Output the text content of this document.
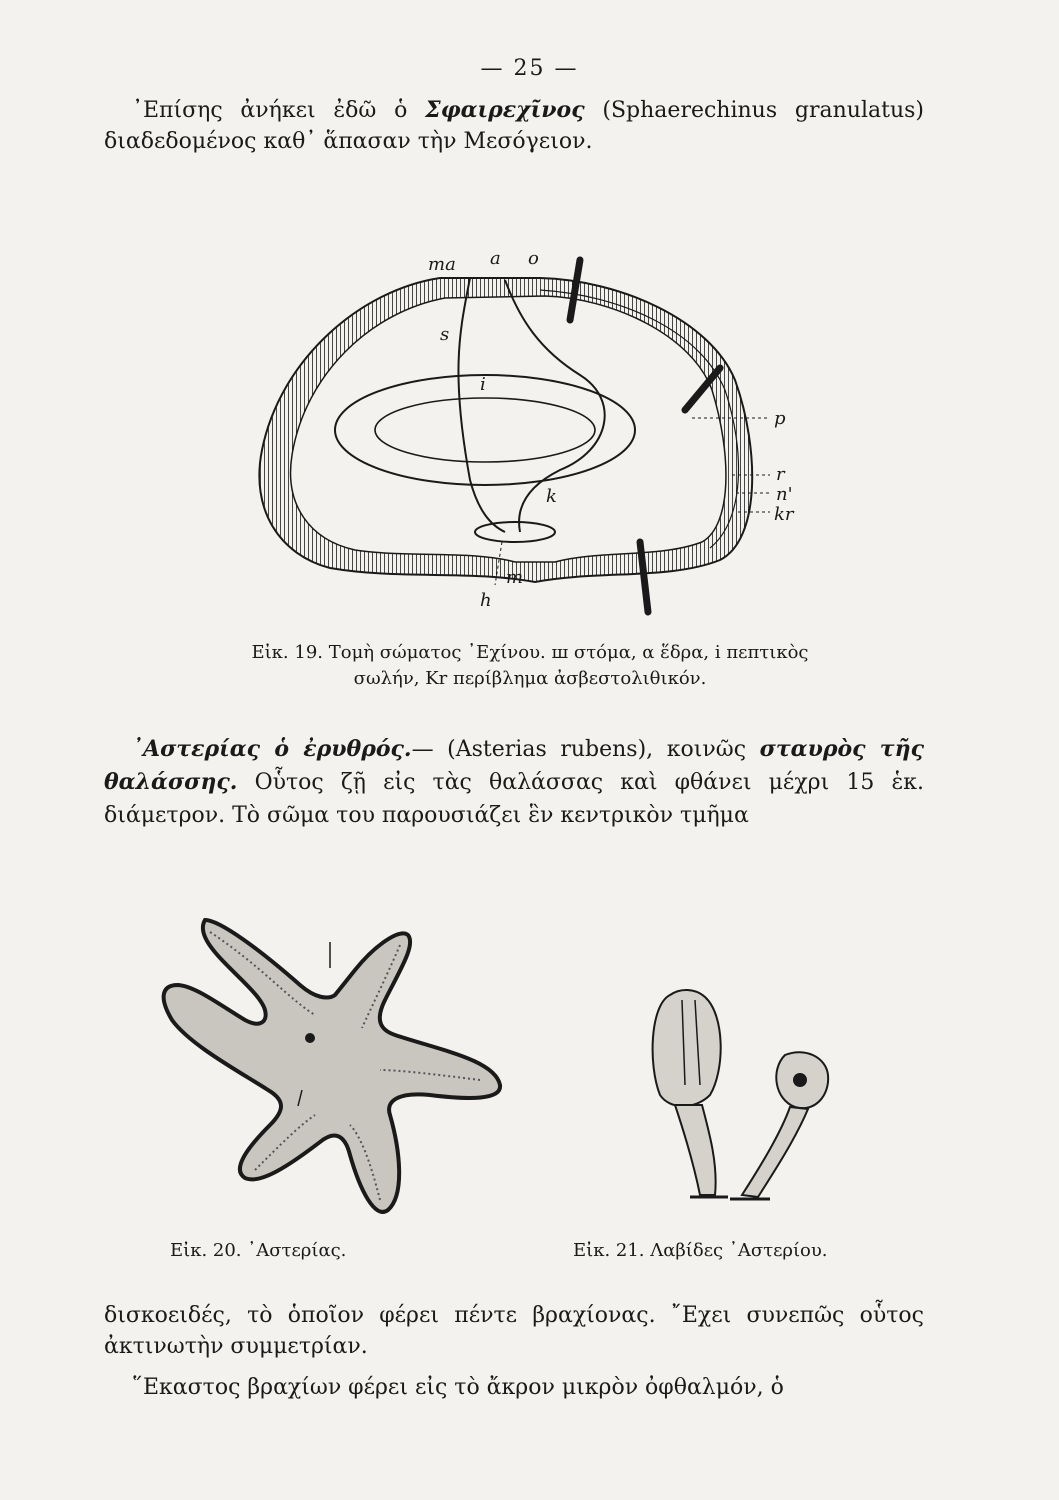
— 25 —
᾿Επίσης ἀνήκει ἐδῶ ὁ Σφαιρεχῖνος (Sphaerechinus granulatus) διαδεδομένος καθ᾿ ἅπασαν τὴν Μεσόγειον.
ma a o
s
i
p
r
n'
kr
k
m
h
Εἰκ. 19. Τομὴ σώματος ᾿Εχίνου. ш στόμα, α ἕδρα, i πεπτικὸς
σωλήν, Kr περίβλημα ἀσβεστολιθικόν.
᾿Αστερίας ὁ ἐρυθρός.— (Asterias rubens), κοινῶς σταυρὸς τῆς θαλάσσης. Οὗτος ζῇ εἰς τὰς θαλάσσας καὶ φθάνει μέχρι 15 ἑκ. διάμετρον. Τὸ σῶμα του παρουσιάζει ἓν κεντρικὸν τμῆμα
Εἰκ. 20. ᾿Αστερίας.	Εἰκ. 21. Λαβίδες ᾿Αστερίου.
δισκοειδές, τὸ ὁποῖον φέρει πέντε βραχίονας. ῎Εχει συνεπῶς οὗτος ἀκτινωτὴν συμμετρίαν.
῞Εκαστος βραχίων φέρει εἰς τὸ ἄκρον μικρὸν ὀφθαλμόν, ὁ
